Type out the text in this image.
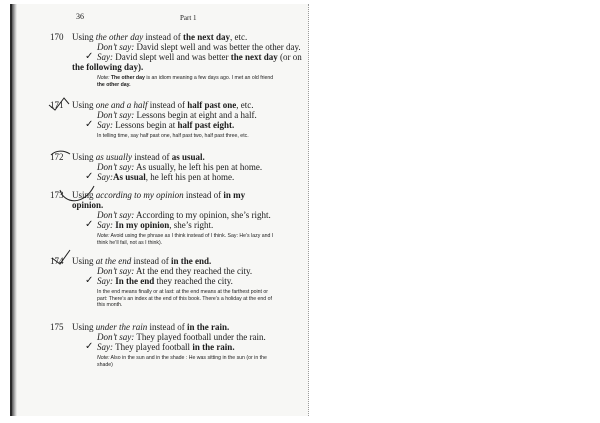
36	Part 1
170 Using the other day instead of the next day, etc.
Don’t say: David slept well and was better the other day.
✓ Say: David slept well and was better the next day (or on
the following day).
Note: The other day is an idiom meaning a few days ago. I met an old friend
the other day.
171 Using one and a half instead of half past one, etc.
Don’t say: Lessons begin at eight and a half.
✓ Say: Lessons begin at half past eight.
In telling time, say half past one, half past two, half past three, etc.
172 Using as usually instead of as usual.
Don’t say: As usually, he left his pen at home.
✓ Say:As usual, he left his pen at home.
173 Using according to my opinion instead of in my
opinion.
Don’t say: According to my opinion, she’s right.
✓ Say: In my opinion, she’s right.
Note: Avoid using the phrase as I think instead of I think. Say: He’s lazy and I
think he’ll fail, not as I think).
174 Using at the end instead of in the end.
Don’t say: At the end they reached the city.
✓ Say: In the end they reached the city.
In the end means finally or at last: at the end means at the farthest point or
part: There’s an index at the end of this book. There’s a holiday at the end of
this month.
175 Using under the rain instead of in the rain.
Don’t say: They played football under the rain.
✓ Say: They played football in the rain.
Note: Also in the sun and in the shade : He was sitting in the sun (or in the
shade)
